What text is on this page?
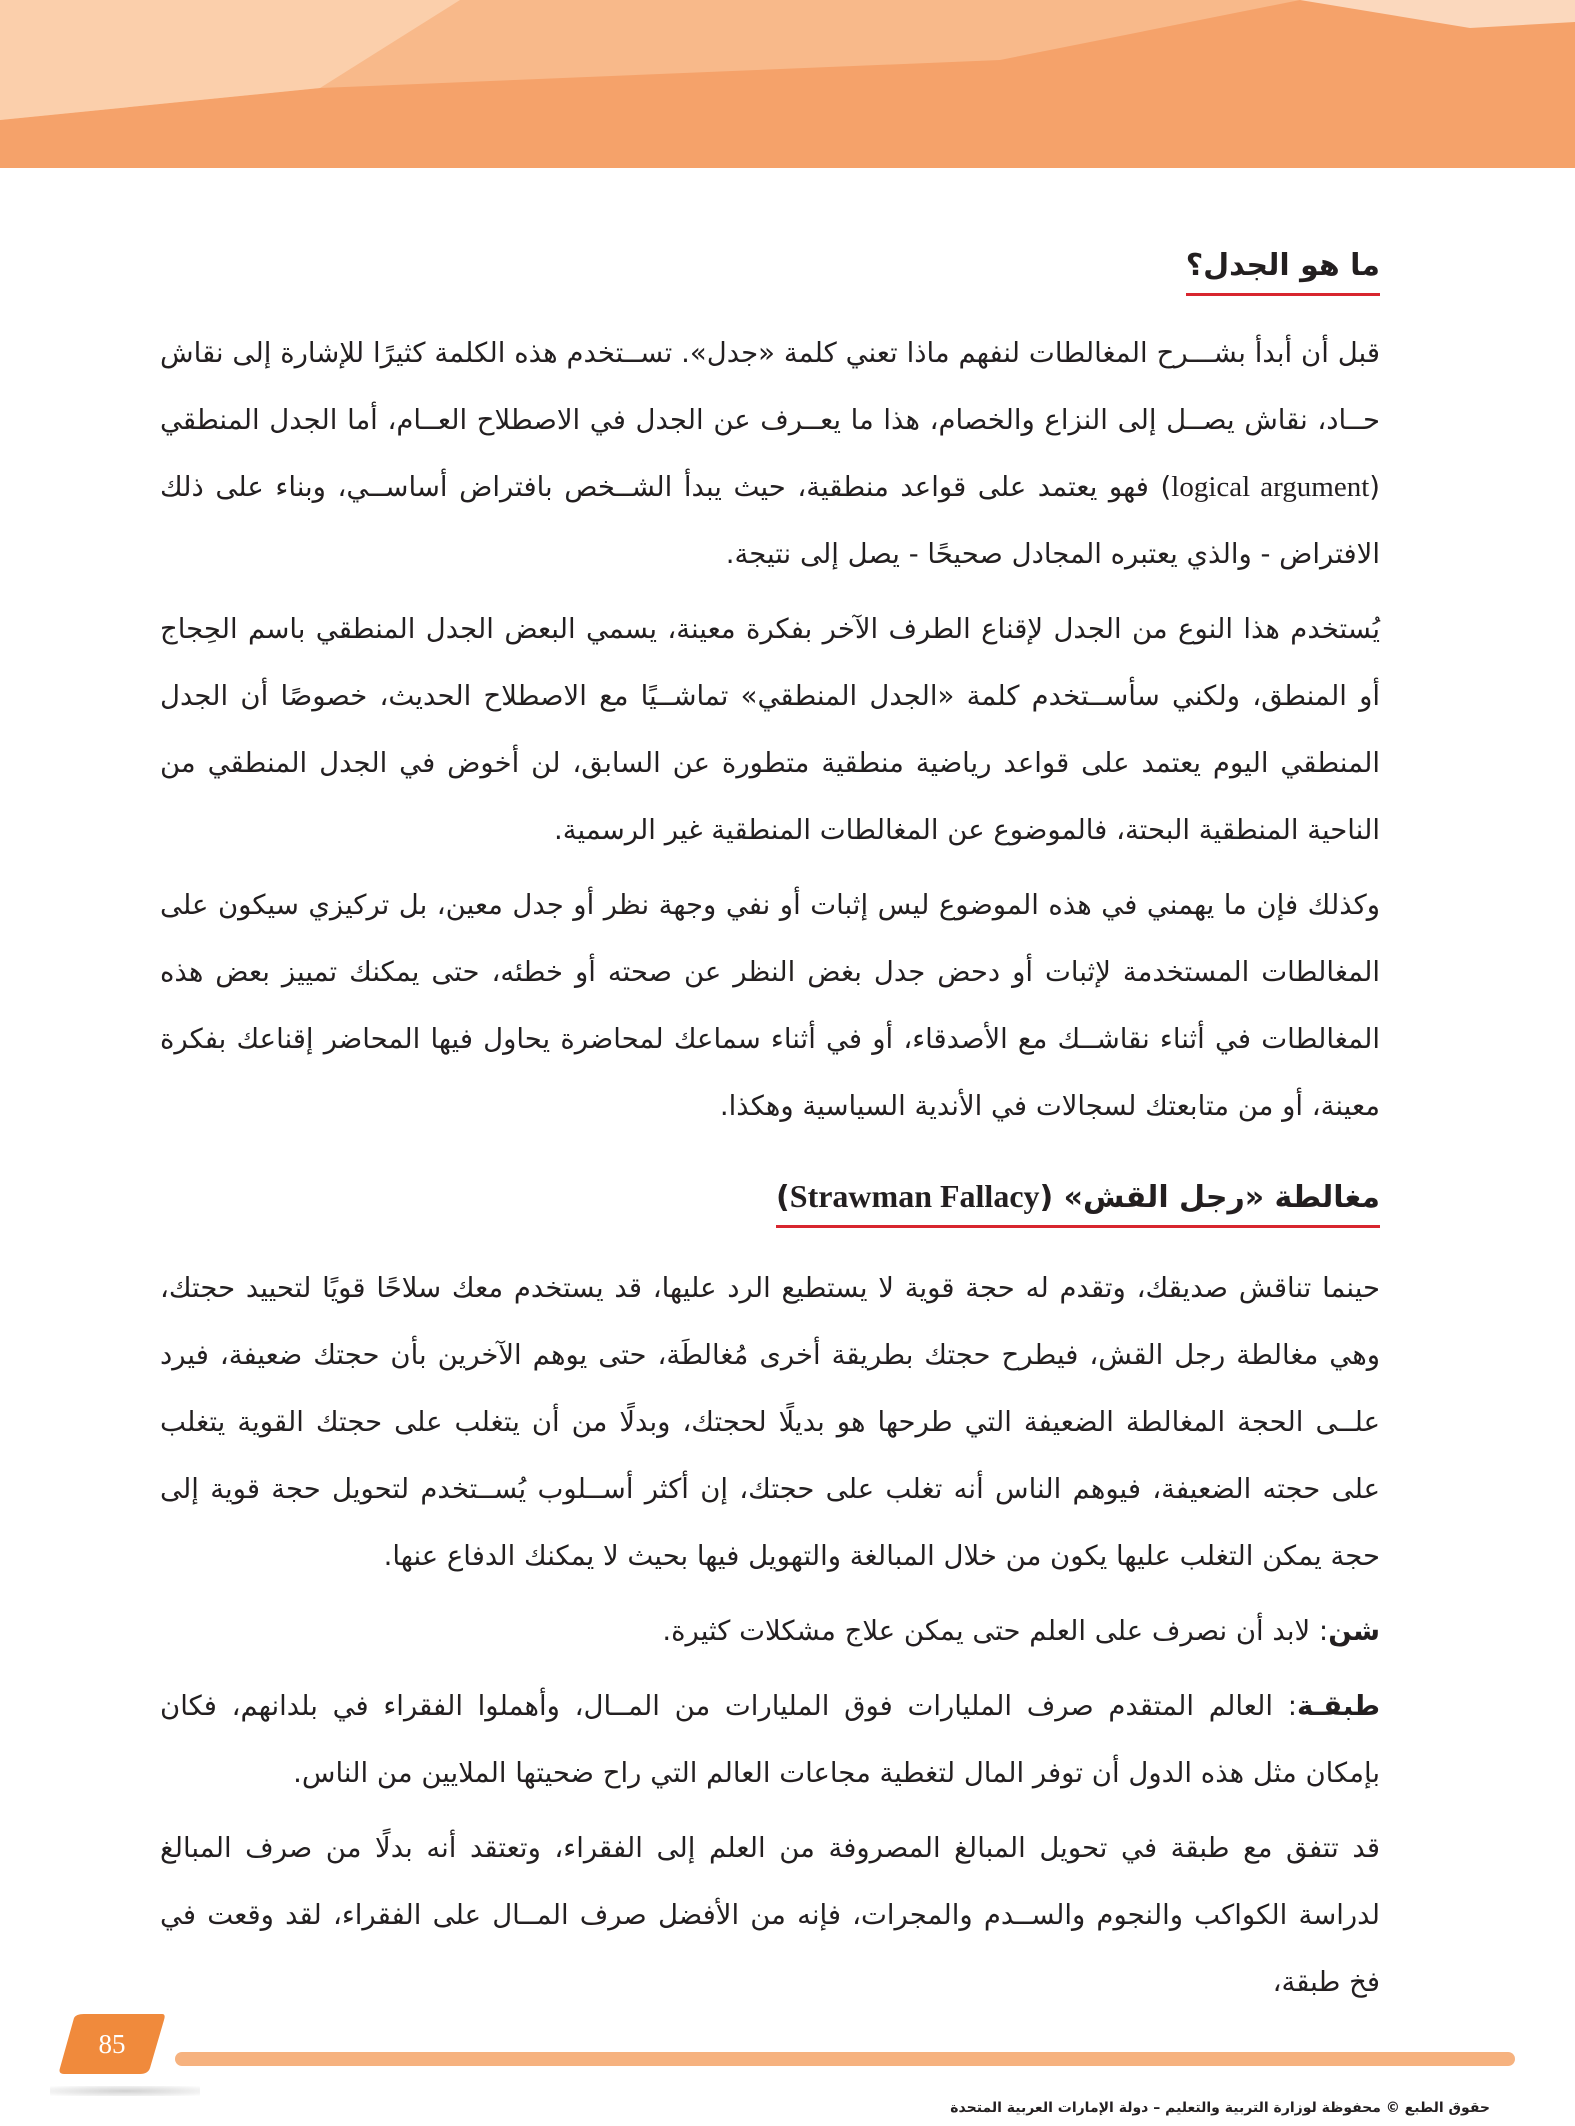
ما هو الجدل؟

قبل أن أبدأ بشـــرح المغالطات لنفهم ماذا تعني كلمة «جدل». تســتخدم هذه الكلمة كثيرًا للإشارة إلى نقاش حــاد، نقاش يصــل إلى النزاع والخصام، هذا ما يعــرف عن الجدل في الاصطلاح العــام، أما الجدل المنطقي (logical argument) فهو يعتمد على قواعد منطقية، حيث يبدأ الشــخص بافتراض أساســي، وبناء على ذلك الافتراض - والذي يعتبره المجادل صحيحًا - يصل إلى نتيجة.

يُستخدم هذا النوع من الجدل لإقناع الطرف الآخر بفكرة معينة، يسمي البعض الجدل المنطقي باسم الحِجاج أو المنطق، ولكني سأســتخدم كلمة «الجدل المنطقي» تماشــيًا مع الاصطلاح الحديث، خصوصًا أن الجدل المنطقي اليوم يعتمد على قواعد رياضية منطقية متطورة عن السابق، لن أخوض في الجدل المنطقي من الناحية المنطقية البحتة، فالموضوع عن المغالطات المنطقية غير الرسمية.

وكذلك فإن ما يهمني في هذه الموضوع ليس إثبات أو نفي وجهة نظر أو جدل معين، بل تركيزي سيكون على المغالطات المستخدمة لإثبات أو دحض جدل بغض النظر عن صحته أو خطئه، حتى يمكنك تمييز بعض هذه المغالطات في أثناء نقاشــك مع الأصدقاء، أو في أثناء سماعك لمحاضرة يحاول فيها المحاضر إقناعك بفكرة معينة، أو من متابعتك لسجالات في الأندية السياسية وهكذا.

مغالطة «رجل القش» (Strawman Fallacy)

حينما تناقش صديقك، وتقدم له حجة قوية لا يستطيع الرد عليها، قد يستخدم معك سلاحًا قويًا لتحييد حجتك، وهي مغالطة رجل القش، فيطرح حجتك بطريقة أخرى مُغالطَة، حتى يوهم الآخرين بأن حجتك ضعيفة، فيرد علــى الحجة المغالطة الضعيفة التي طرحها هو بديلًا لحجتك، وبدلًا من أن يتغلب على حجتك القوية يتغلب على حجته الضعيفة، فيوهم الناس أنه تغلب على حجتك، إن أكثر أســلوب يُســتخدم لتحويل حجة قوية إلى حجة يمكن التغلب عليها يكون من خلال المبالغة والتهويل فيها بحيث لا يمكنك الدفاع عنها.

شن: لابد أن نصرف على العلم حتى يمكن علاج مشكلات كثيرة.

طبقـة: العالم المتقدم صرف المليارات فوق المليارات من المــال، وأهملوا الفقراء في بلدانهم، فكان بإمكان مثل هذه الدول أن توفر المال لتغطية مجاعات العالم التي راح ضحيتها الملايين من الناس.

قد تتفق مع طبقة في تحويل المبالغ المصروفة من العلم إلى الفقراء، وتعتقد أنه بدلًا من صرف المبالغ لدراسة الكواكب والنجوم والســدم والمجرات، فإنه من الأفضل صرف المــال على الفقراء، لقد وقعت في فخ طبقة،

85
حقوق الطبع © محفوظة لوزارة التربية والتعليم – دولة الإمارات العربية المتحدة
